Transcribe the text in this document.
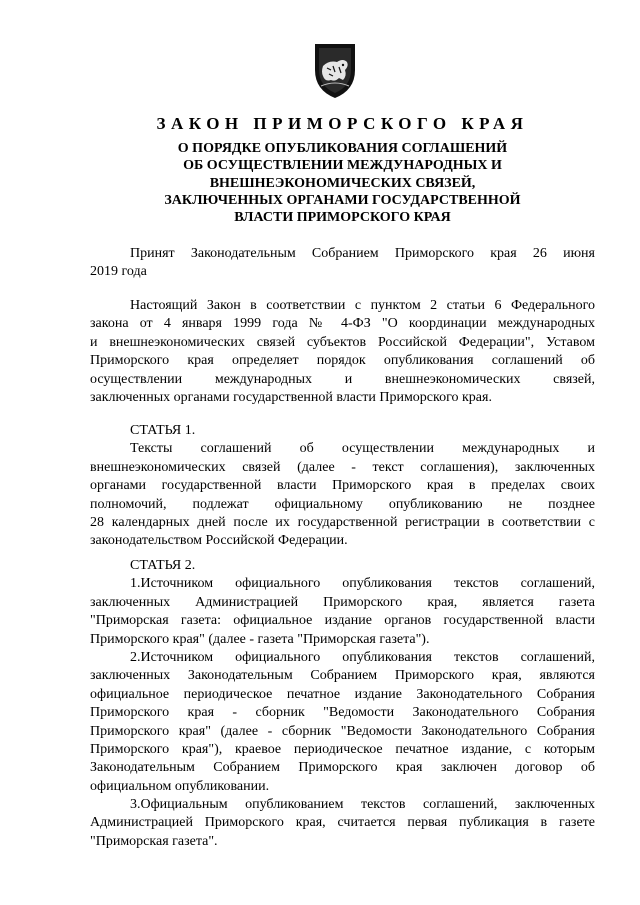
ЗАКОН ПРИМОРСКОГО КРАЯ
О ПОРЯДКЕ ОПУБЛИКОВАНИЯ СОГЛАШЕНИЙ
ОБ ОСУЩЕСТВЛЕНИИ МЕЖДУНАРОДНЫХ И
ВНЕШНЕЭКОНОМИЧЕСКИХ СВЯЗЕЙ,
ЗАКЛЮЧЕННЫХ ОРГАНАМИ ГОСУДАРСТВЕННОЙ
ВЛАСТИ ПРИМОРСКОГО КРАЯ
Принят Законодательным Собранием Приморского края 26 июня
2019 года
Настоящий Закон в соответствии с пунктом 2 статьи 6 Федерального
закона от 4 января 1999 года № 4-ФЗ "О координации международных
и внешнеэкономических связей субъектов Российской Федерации", Уставом
Приморского края определяет порядок опубликования соглашений об
осуществлении международных и внешнеэкономических связей,
заключенных органами государственной власти Приморского края.
СТАТЬЯ 1.
Тексты соглашений об осуществлении международных и
внешнеэкономических связей (далее - текст соглашения), заключенных
органами государственной власти Приморского края в пределах своих
полномочий, подлежат официальному опубликованию не позднее
28 календарных дней после их государственной регистрации в соответствии с
законодательством Российской Федерации.
СТАТЬЯ 2.
1.Источником официального опубликования текстов соглашений,
заключенных Администрацией Приморского края, является газета
"Приморская газета: официальное издание органов государственной власти
Приморского края" (далее - газета "Приморская газета").
2.Источником официального опубликования текстов соглашений,
заключенных Законодательным Собранием Приморского края, являются
официальное периодическое печатное издание Законодательного Собрания
Приморского края - сборник "Ведомости Законодательного Собрания
Приморского края" (далее - сборник "Ведомости Законодательного Собрания
Приморского края"), краевое периодическое печатное издание, с которым
Законодательным Собранием Приморского края заключен договор об
официальном опубликовании.
3.Официальным опубликованием текстов соглашений, заключенных
Администрацией Приморского края, считается первая публикация в газете
"Приморская газета".
